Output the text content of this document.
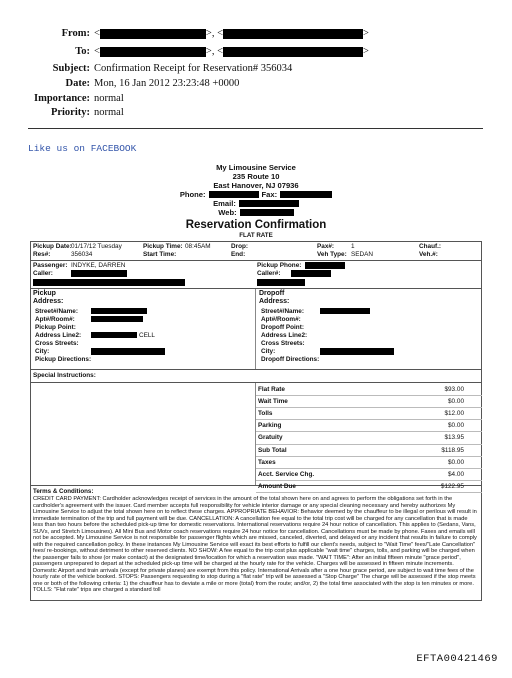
From: <	>, <	>
To: <	>, <	>
Subject: Confirmation Receipt for Reservation# 356034
Date: Mon, 16 Jan 2012 23:23:48 +0000
Importance: normal
Priority: normal
Like us on FACEBOOK
My Limousine Service
235 Route 10
East Hanover, NJ 07936
Phone:	Fax:
Email:
Web:
Reservation Confirmation
FLAT RATE
Pickup Date: 01/17/12 Tuesday
Res#:	356034
Pickup Time: 08:45AM
Start Time:
Drop:
End:
Pax#:	1
Veh Type: SEDAN
Chauf.:
Veh.#:
Passenger: INDYKE, DARREN
Caller:
Pickup Phone:
Caller#:
Pickup
Address:
Street#/Name:
Apt#/Room#:
Pickup Point:
Address Line2:	CELL
Cross Streets:
City:
Pickup Directions:
Dropoff
Address:
Street#/Name:
Apt#/Room#:
Dropoff Point:
Address Line2:
Cross Streets:
City:
Dropoff Directions:
Special Instructions:
Flat Rate	$93.00
Wait Time	$0.00
Tolls	$12.00
Parking	$0.00
Gratuity	$13.95
Sub Total	$118.95
Taxes	$0.00
Acct. Service Chg.	$4.00
Amount Due	$122.95
Terms & Conditions:
CREDIT CARD PAYMENT: Cardholder acknowledges receipt of services in the amount of the total shown here on and agrees to perform the obligations set forth in the cardholder's agreement with the issuer. Card member accepts full responsibility for vehicle interior damage or any special cleaning necessary and hereby authorizes My Limousine Service to adjust the total shown here on to reflect these charges. APPROPRIATE BEHAVIOR: Behavior deemed by the chauffeur to be illegal or perilous will result in immediate termination of the trip and full payment will be due. CANCELLATION: A cancellation fee equal to the total trip cost will be charged for any cancellation that is made less than two hours before the scheduled pick-up time for domestic reservations. International reservations require 24 hour notice of cancellation. This applies to (Sedans, Vans, SUVs, and Stretch Limousines). All Mini Bus and Motor coach reservations require 24 hour notice for cancellation. Cancellations must be made by phone. Faxes and emails will not be accepted. My Limousine Service is not responsible for passenger flights which are missed, canceled, diverted, and delayed or any incident that results in failure to comply with the required cancellation policy. In these instances My Limousine Service will exact its best efforts to fulfill our client's needs, subject to "Wait Time" fees/"Late Cancellation" fees/ re-bookings, without detriment to other reserved clients. NO SHOW: A fee equal to the trip cost plus applicable "wait time" charges, tolls, and parking will be charged when the passenger fails to show (or make contact) at the designated time/location for which a reservation was made. "WAIT TIME": After an initial fifteen minute "grace period", passengers unprepared to depart at the scheduled pick-up time will be charged at the hourly rate for the vehicle. Charges will be assessed in fifteen minute increments. Domestic Airport and train arrivals (except for private planes) are exempt from this policy. International Arrivals after a one hour grace period, are subject to wait time fees of the hourly rate of the vehicle booked. STOPS: Passengers requesting to stop during a "flat rate" trip will be assessed a "Stop Charge" The charge will be assessed if the stop meets one or both of the following criteria: 1) the chauffeur has to deviate a mile or more (total) from the route; and/or, 2) the total time associated with the stop is ten minutes or more. TOLLS: "Flat rate" trips are charged a standard toll
EFTA00421469
